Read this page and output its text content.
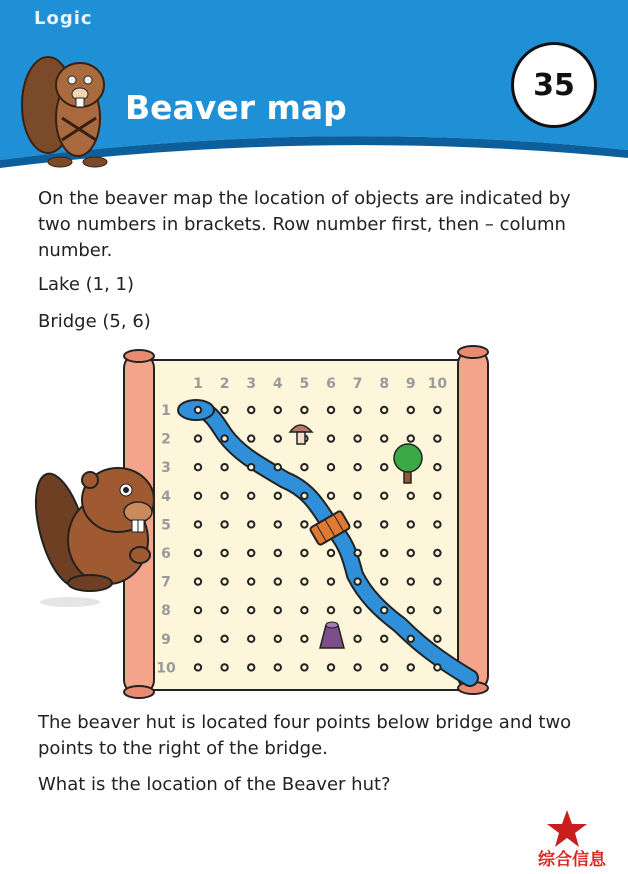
Logic
Beaver map
35
On the beaver map the location of objects are indicated by two numbers in brackets. Row number first, then – column number.
Lake (1, 1)
Bridge (5, 6)
1 2 3 4 5 6 7 8 9 10
1
2
3
4
5
6
7
8
9
10
The beaver hut is located four points below bridge and two points to the right of the bridge.
What is the location of the Beaver hut?
综合信息
